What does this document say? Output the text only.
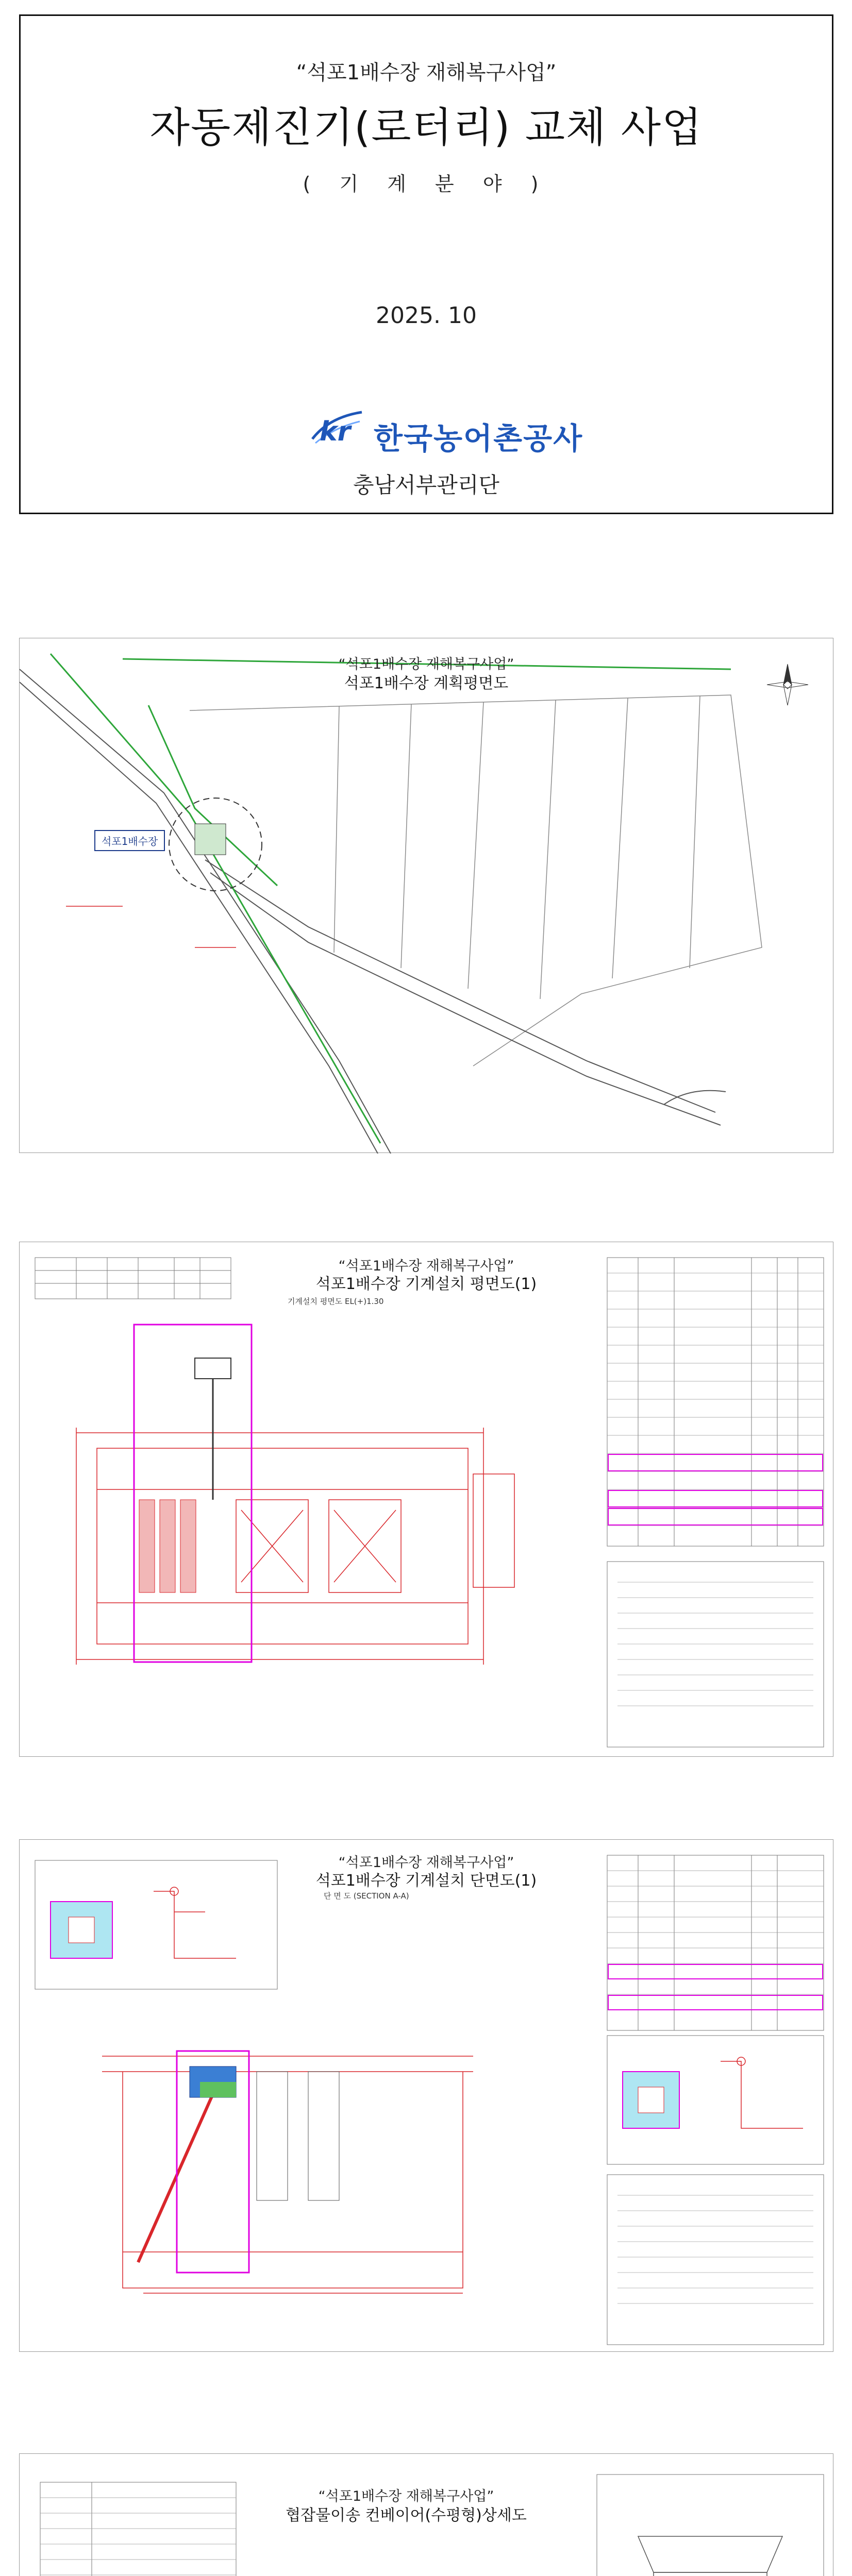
“석포1배수장 재해복구사업”
자동제진기(로터리) 교체 사업
( 기 계 분 야 )
2025. 10
kr 한국농어촌공사
충남서부관리단
“석포1배수장 재해복구사업”
석포1배수장 계획평면도
석포1배수장
“석포1배수장 재해복구사업”
석포1배수장 기계설치 평면도(1)
기계설치 평면도 EL(+)1.30
“석포1배수장 재해복구사업”
석포1배수장 기계설치 단면도(1)
단 면 도 (SECTION A-A)
“석포1배수장 재해복구사업”
협잡물이송 컨베이어(수평형)상세도
